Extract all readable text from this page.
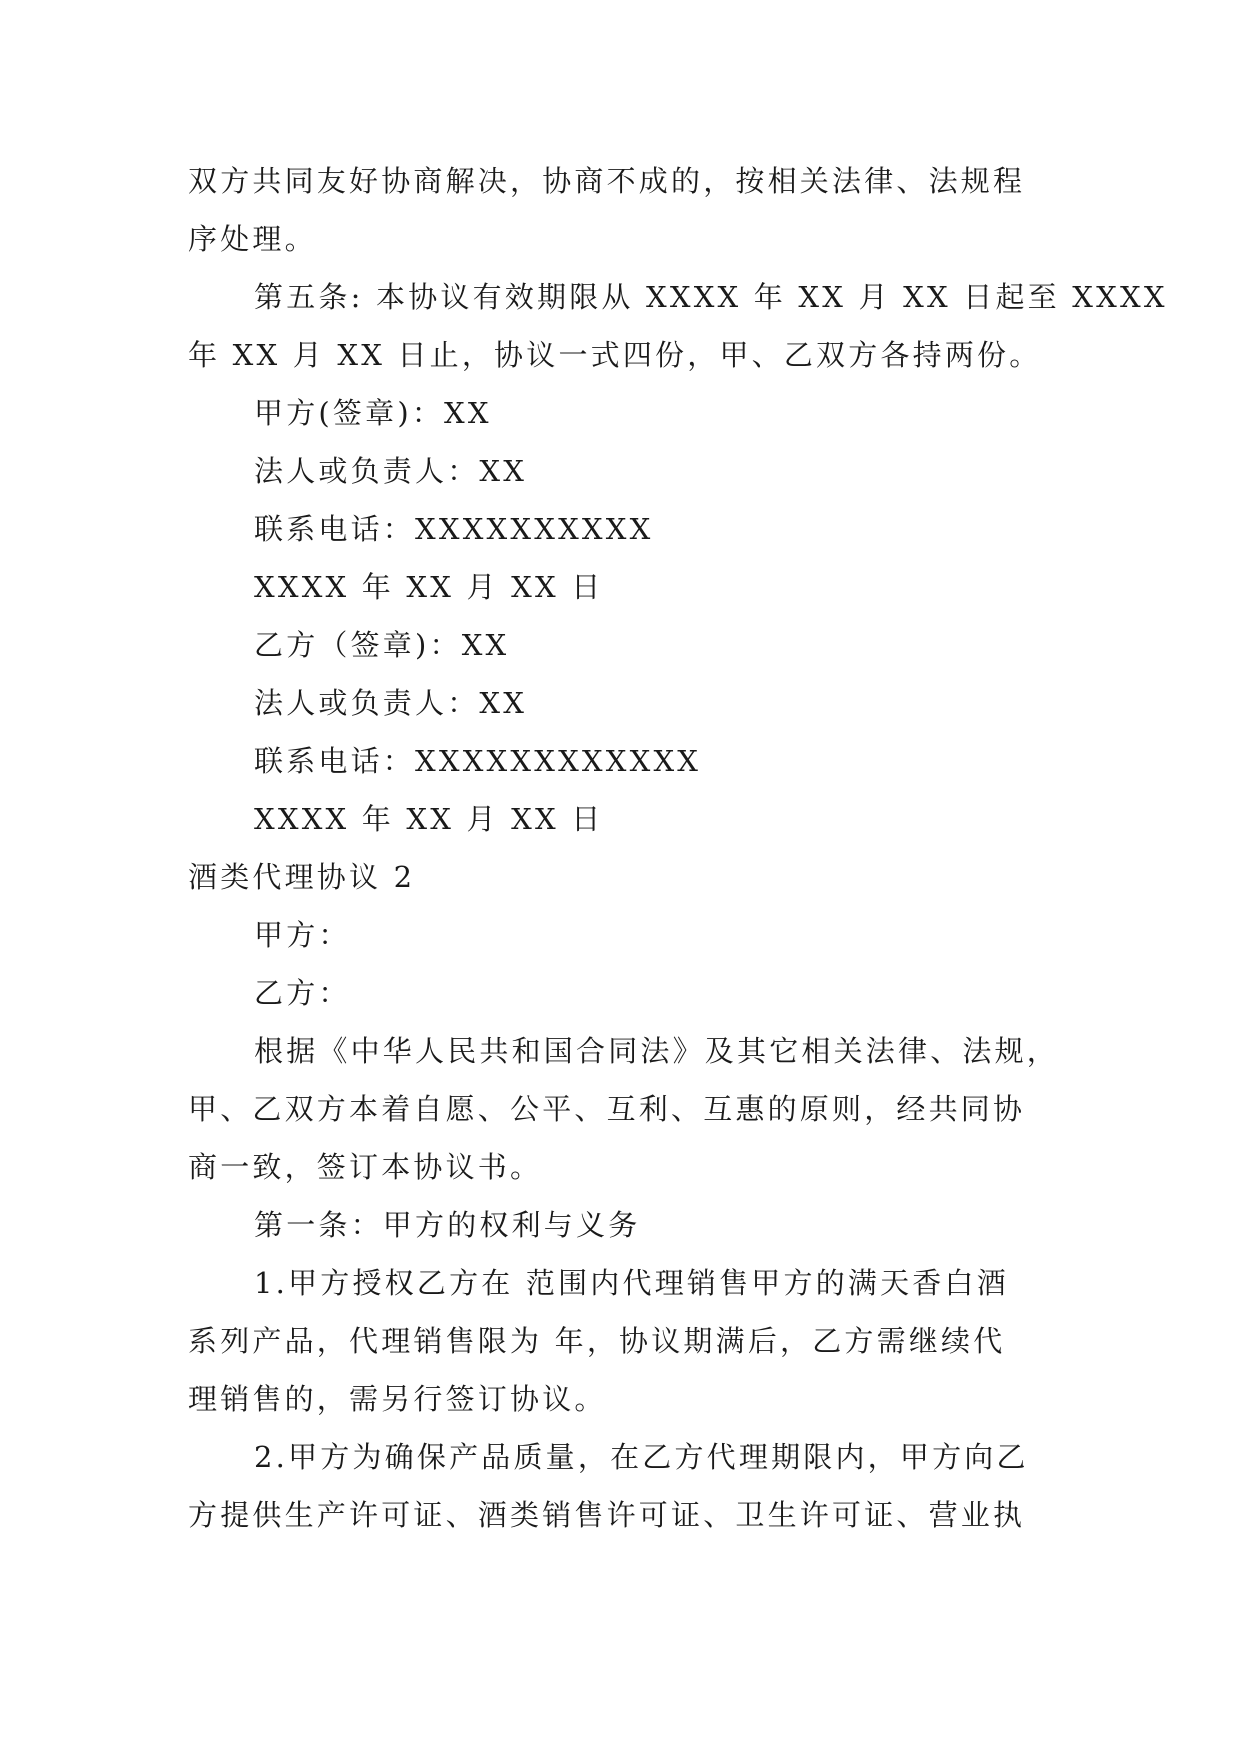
双方共同友好协商解决，协商不成的，按相关法律、法规程
序处理。
第五条: 本协议有效期限从 XXXX 年 XX 月 XX 日起至 XXXX
年 XX 月 XX 日止，协议一式四份，甲、乙双方各持两份。
甲方(签章)：XX
法人或负责人：XX
联系电话：XXXXXXXXXX
XXXX 年 XX 月 XX 日
乙方（签章)：XX
法人或负责人：XX
联系电话：XXXXXXXXXXXX
XXXX 年 XX 月 XX 日
酒类代理协议 2
甲方：
乙方：
根据《中华人民共和国合同法》及其它相关法律、法规，
甲、乙双方本着自愿、公平、互利、互惠的原则，经共同协
商一致，签订本协议书。
第一条：甲方的权利与义务
1.甲方授权乙方在 范围内代理销售甲方的满天香白酒
系列产品，代理销售限为 年，协议期满后，乙方需继续代
理销售的，需另行签订协议。
2.甲方为确保产品质量，在乙方代理期限内，甲方向乙
方提供生产许可证、酒类销售许可证、卫生许可证、营业执
